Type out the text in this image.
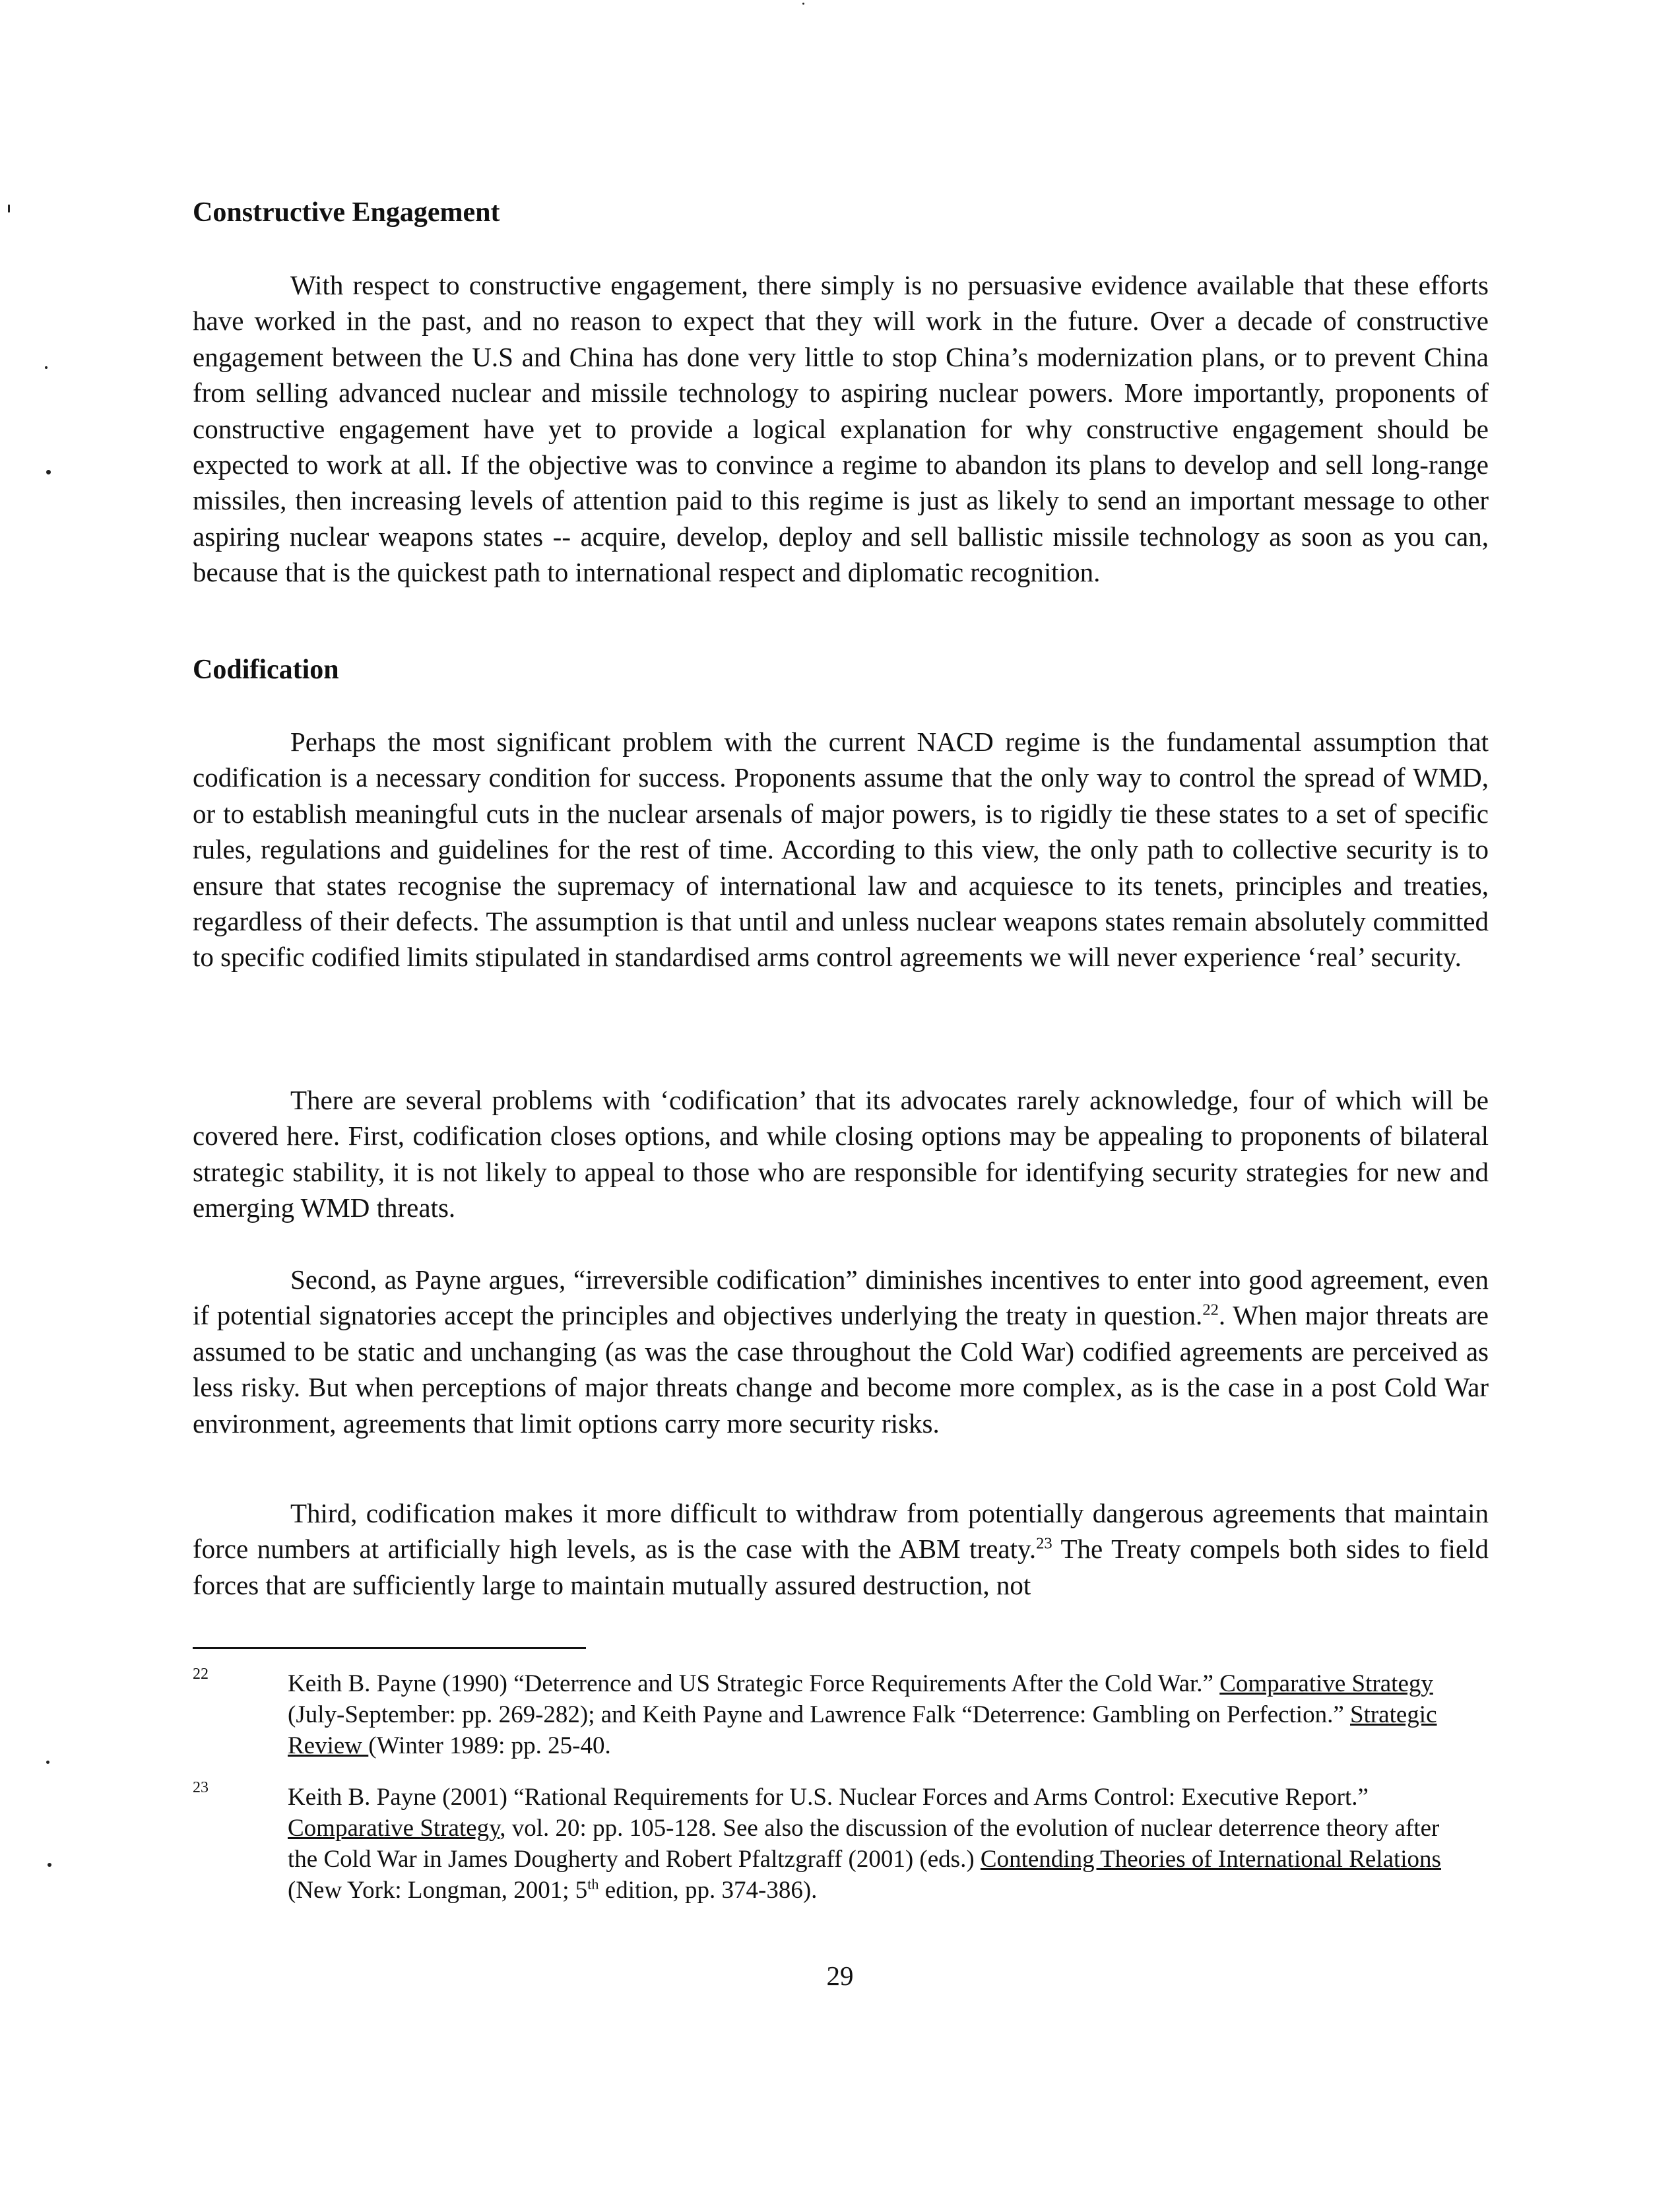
Constructive Engagement

With respect to constructive engagement, there simply is no persuasive evidence available that these efforts have worked in the past, and no reason to expect that they will work in the future. Over a decade of constructive engagement between the U.S and China has done very little to stop China’s modernization plans, or to prevent China from selling advanced nuclear and missile technology to aspiring nuclear powers. More importantly, proponents of constructive engagement have yet to provide a logical explanation for why constructive engagement should be expected to work at all. If the objective was to convince a regime to abandon its plans to develop and sell long-range missiles, then increasing levels of attention paid to this regime is just as likely to send an important message to other aspiring nuclear weapons states -- acquire, develop, deploy and sell ballistic missile technology as soon as you can, because that is the quickest path to international respect and diplomatic recognition.

Codification

Perhaps the most significant problem with the current NACD regime is the fundamental assumption that codification is a necessary condition for success. Proponents assume that the only way to control the spread of WMD, or to establish meaningful cuts in the nuclear arsenals of major powers, is to rigidly tie these states to a set of specific rules, regulations and guidelines for the rest of time. According to this view, the only path to collective security is to ensure that states recognise the supremacy of international law and acquiesce to its tenets, principles and treaties, regardless of their defects. The assumption is that until and unless nuclear weapons states remain absolutely committed to specific codified limits stipulated in standardised arms control agreements we will never experience ‘real’ security.

There are several problems with ‘codification’ that its advocates rarely acknowledge, four of which will be covered here. First, codification closes options, and while closing options may be appealing to proponents of bilateral strategic stability, it is not likely to appeal to those who are responsible for identifying security strategies for new and emerging WMD threats.

Second, as Payne argues, “irreversible codification” diminishes incentives to enter into good agreement, even if potential signatories accept the principles and objectives underlying the treaty in question.$^{22}$. When major threats are assumed to be static and unchanging (as was the case throughout the Cold War) codified agreements are perceived as less risky. But when perceptions of major threats change and become more complex, as is the case in a post Cold War environment, agreements that limit options carry more security risks.

Third, codification makes it more difficult to withdraw from potentially dangerous agreements that maintain force numbers at artificially high levels, as is the case with the ABM treaty.$^{23}$ The Treaty compels both sides to field forces that are sufficiently large to maintain mutually assured destruction, not

22	Keith B. Payne (1990) “Deterrence and US Strategic Force Requirements After the Cold War.” Comparative Strategy (July-September: pp. 269-282); and Keith Payne and Lawrence Falk “Deterrence: Gambling on Perfection.” Strategic Review (Winter 1989: pp. 25-40.
23	Keith B. Payne (2001) “Rational Requirements for U.S. Nuclear Forces and Arms Control: Executive Report.” Comparative Strategy, vol. 20: pp. 105-128. See also the discussion of the evolution of nuclear deterrence theory after the Cold War in James Dougherty and Robert Pfaltzgraff (2001) (eds.) Contending Theories of International Relations (New York: Longman, 2001; 5th edition, pp. 374-386).
29
